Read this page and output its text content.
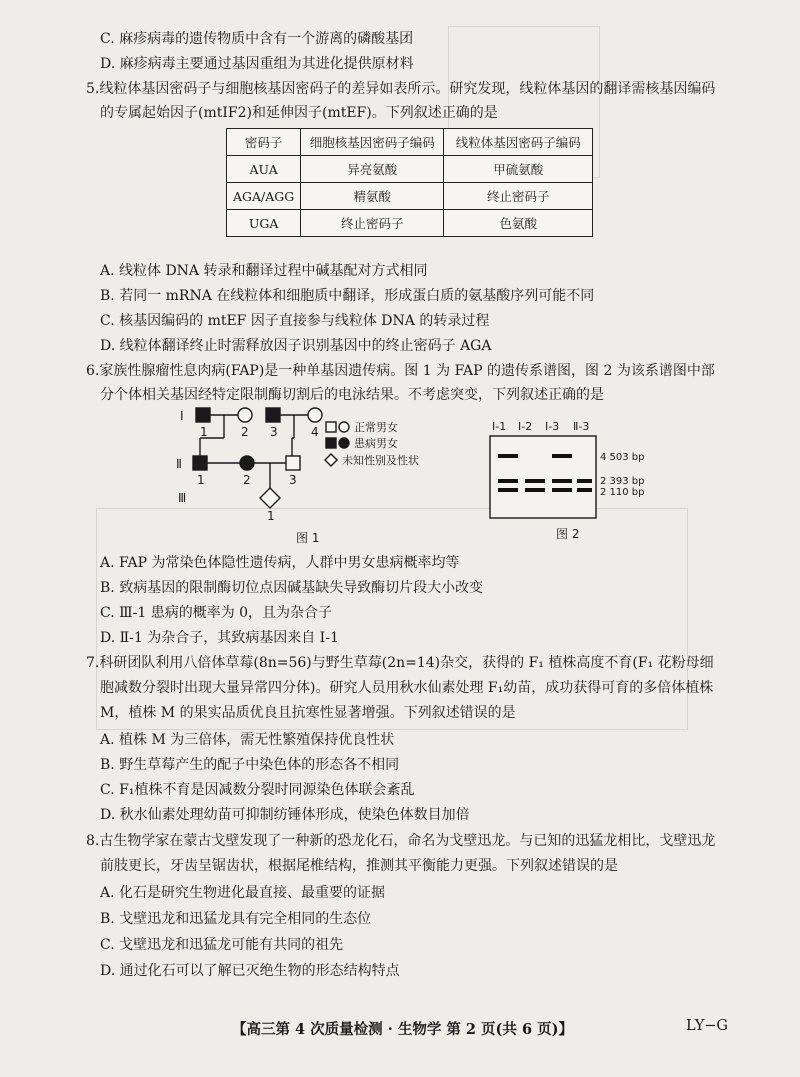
C. 麻疹病毒的遗传物质中含有一个游离的磷酸基团
D. 麻疹病毒主要通过基因重组为其进化提供原材料
5.线粒体基因密码子与细胞核基因密码子的差异如表所示。研究发现，线粒体基因的翻译需核基因编码
的专属起始因子(mtIF2)和延伸因子(mtEF)。下列叙述正确的是
密码子	细胞核基因密码子编码	线粒体基因密码子编码
AUA	异亮氨酸	甲硫氨酸
AGA/AGG	精氨酸	终止密码子
UGA	终止密码子	色氨酸
A. 线粒体 DNA 转录和翻译过程中碱基配对方式相同
B. 若同一 mRNA 在线粒体和细胞质中翻译，形成蛋白质的氨基酸序列可能不同
C. 核基因编码的 mtEF 因子直接参与线粒体 DNA 的转录过程
D. 线粒体翻译终止时需释放因子识别基因中的终止密码子 AGA
6.家族性腺瘤性息肉病(FAP)是一种单基因遗传病。图 1 为 FAP 的遗传系谱图，图 2 为该系谱图中部
分个体相关基因经特定限制酶切割后的电泳结果。不考虑突变，下列叙述正确的是
Ⅰ
1	2 3	4
Ⅱ
1	2	3
Ⅲ
1
正常男女
患病男女
未知性别及性状
图 1
Ⅰ-1 Ⅰ-2 Ⅰ-3 Ⅱ-3
4 503 bp
2 393 bp
2 110 bp
图 2
A. FAP 为常染色体隐性遗传病，人群中男女患病概率均等
B. 致病基因的限制酶切位点因碱基缺失导致酶切片段大小改变
C. Ⅲ-1 患病的概率为 0，且为杂合子
D. Ⅱ-1 为杂合子，其致病基因来自 Ⅰ-1
7.科研团队利用八倍体草莓(8n=56)与野生草莓(2n=14)杂交，获得的 F₁ 植株高度不育(F₁ 花粉母细
胞减数分裂时出现大量异常四分体)。研究人员用秋水仙素处理 F₁幼苗，成功获得可育的多倍体植株
M，植株 M 的果实品质优良且抗寒性显著增强。下列叙述错误的是
A. 植株 M 为三倍体，需无性繁殖保持优良性状
B. 野生草莓产生的配子中染色体的形态各不相同
C. F₁植株不育是因减数分裂时同源染色体联会紊乱
D. 秋水仙素处理幼苗可抑制纺锤体形成，使染色体数目加倍
8.古生物学家在蒙古戈壁发现了一种新的恐龙化石，命名为戈壁迅龙。与已知的迅猛龙相比，戈壁迅龙
前肢更长，牙齿呈锯齿状，根据尾椎结构，推测其平衡能力更强。下列叙述错误的是
A. 化石是研究生物进化最直接、最重要的证据
B. 戈壁迅龙和迅猛龙具有完全相同的生态位
C. 戈壁迅龙和迅猛龙可能有共同的祖先
D. 通过化石可以了解已灭绝生物的形态结构特点
【高三第 4 次质量检测 · 生物学 第 2 页(共 6 页)】	LY−G
